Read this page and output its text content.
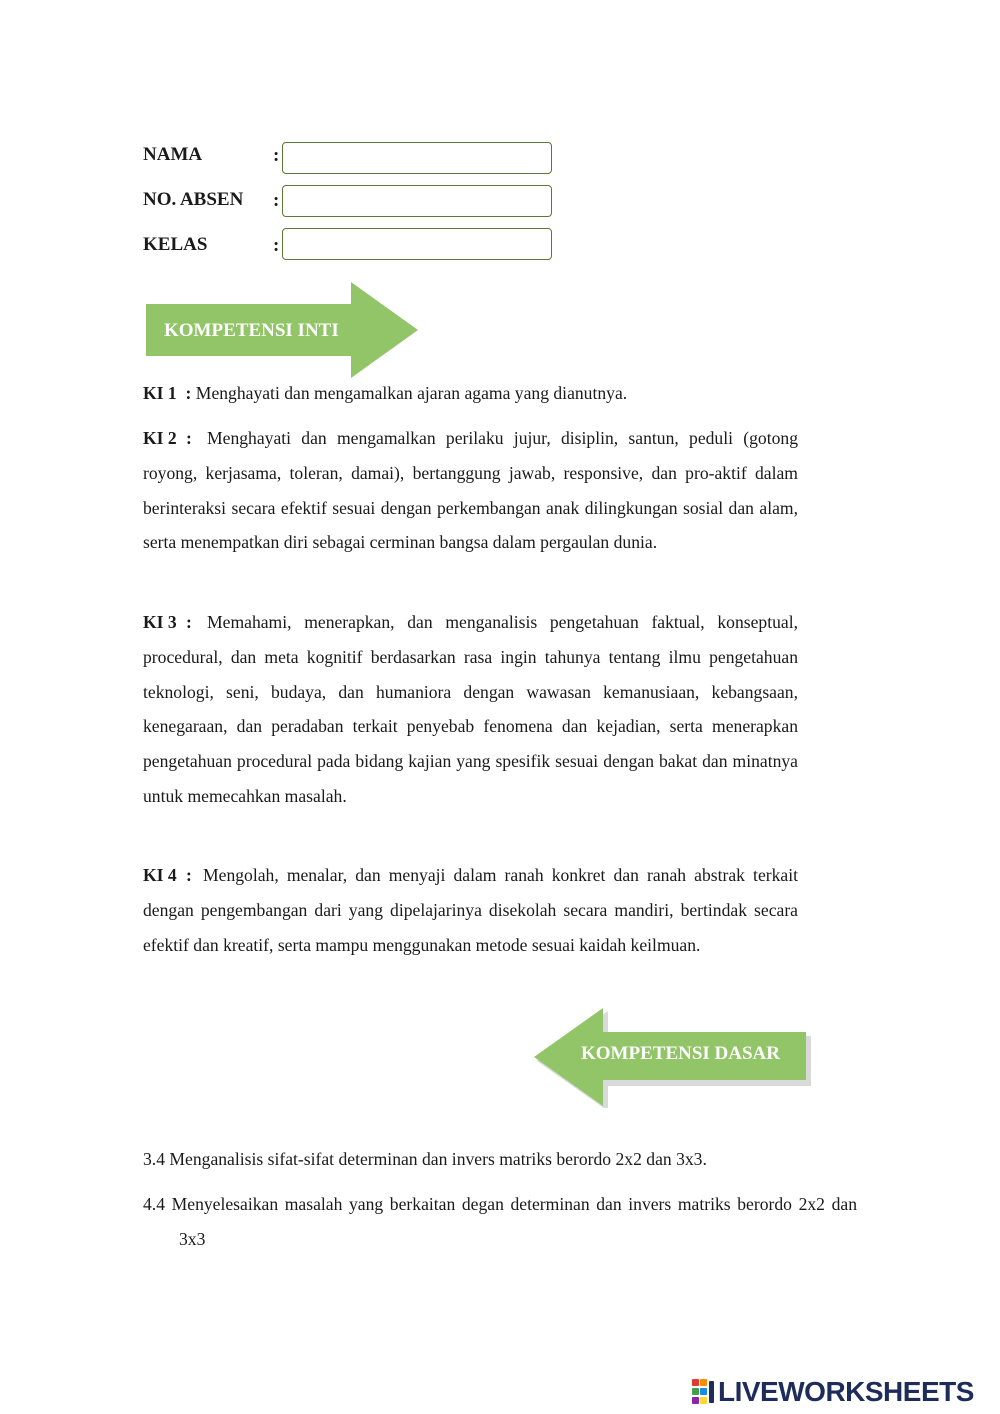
NAMA	:
NO. ABSEN :
KELAS	:
KOMPETENSI INTI
KI 1 : Menghayati dan mengamalkan ajaran agama yang dianutnya.
KI 2 : Menghayati dan mengamalkan perilaku jujur, disiplin, santun, peduli (gotong royong, kerjasama, toleran, damai), bertanggung jawab, responsive, dan pro-aktif dalam berinteraksi secara efektif sesuai dengan perkembangan anak dilingkungan sosial dan alam, serta menempatkan diri sebagai cerminan bangsa dalam pergaulan dunia.
KI 3 : Memahami, menerapkan, dan menganalisis pengetahuan faktual, konseptual, procedural, dan meta kognitif berdasarkan rasa ingin tahunya tentang ilmu pengetahuan teknologi, seni, budaya, dan humaniora dengan wawasan kemanusiaan, kebangsaan, kenegaraan, dan peradaban terkait penyebab fenomena dan kejadian, serta menerapkan pengetahuan procedural pada bidang kajian yang spesifik sesuai dengan bakat dan minatnya untuk memecahkan masalah.
KI 4 : Mengolah, menalar, dan menyaji dalam ranah konkret dan ranah abstrak terkait dengan pengembangan dari yang dipelajarinya disekolah secara mandiri, bertindak secara efektif dan kreatif, serta mampu menggunakan metode sesuai kaidah keilmuan.
KOMPETENSI DASAR
3.4 Menganalisis sifat-sifat determinan dan invers matriks berordo 2x2 dan 3x3.
4.4 Menyelesaikan masalah yang berkaitan degan determinan dan invers matriks berordo 2x2 dan 3x3
LIVEWORKSHEETS
